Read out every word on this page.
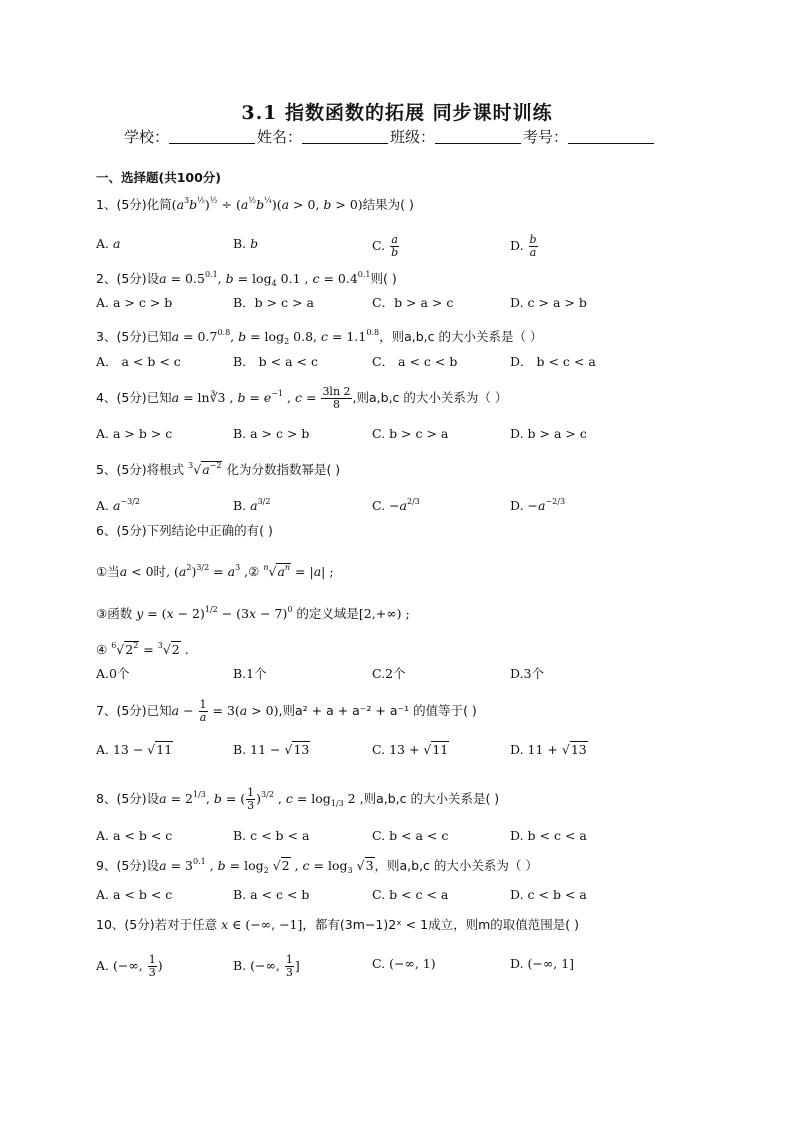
3.1 指数函数的拓展 同步课时训练
学校：	姓名：	班级：	考号：
一、选择题(共100分)
1、(5分)化简$(a^3b^{\frac{1}{2}})^{\frac{1}{2}} \div (a^{\frac{1}{2}}b^{\frac{1}{4}})(a > 0$, b > 0)结果为( )
A. a	B. b	C. $\frac{a}{b}$	D. $\frac{b}{a}$
2、(5分)设$a = 0.5^{0.1}$, $b = \log_4 0.1$ , $c = 0.4^{0.1}$则( )
A. a > c > b	B．b > c > a	C．b > a > c	D. c > a > b
3、(5分)已知$a = 0.7^{0.8}$, $b = \log_2 0.8$, $c = 1.1^{0.8}$，则a,b,c 的大小关系是（ ）
A． a < b < c	B． b < a < c	C． a < c < b	D． b < c < a
4、(5分)已知a = ln∛3 , $b = e^{-1}$ , $c = \frac{3\ln 2}{8}$ ,则a,b,c 的大小关系为（ ）
A. a > b > c	B. a > c > b	C. b > c > a	D. b > a > c
5、(5分)将根式 $^3√a^{-2}$ 化为分数指数幂是( )
A. $a^{-3/2}$	B. $a^{3/2}$	C. $-a^{2/3}$	D. $-a^{-2/3}$
6、(5分)下列结论中正确的有( )
①当a < 0时, $(a^2)^{3/2} = a^3$ ,② $^n√a^n = |a|$ ;
③函数 $y = (x - 2)^{1/2} - (3x - 7)^0$ 的定义域是[2,+∞) ;
④ $^6√2^2 = ^3√2$ .
A.0个	B.1个	C.2个	D.3个
7、(5分)已知$a - \frac{1}{a} = 3(a > 0)$,则a² + a + a⁻² + a⁻¹ 的值等于( )
A. 13 − √11	B. 11 − √13	C. 13 + √11	D. 11 + √13
8、(5分)设$a = 2^{1/3}$, b = ( $\frac{1}{3} )^{3/2}$ , $c = \log_{1/3} 2$ ,则a,b,c 的大小关系是( )
A. a < b < c	B. c < b < a	C. b < a < c	D. b < c < a
9、(5分)设$a = 3^{0.1}$ , $b = \log_2 √2$ , $c = \log_3 √3$，则a,b,c 的大小关系为（ ）
A. a < b < c	B. a < c < b	C. b < c < a	D. c < b < a
10、(5分)若对于任意 x ∈ (−∞, −1]，都有(3m−1)2ˣ < 1成立，则m的取值范围是( )
A. (−∞, $\frac{1}{3}$ )	B. (−∞, $\frac{1}{3}$ ]	C. (−∞, 1)	D. (−∞, 1]
